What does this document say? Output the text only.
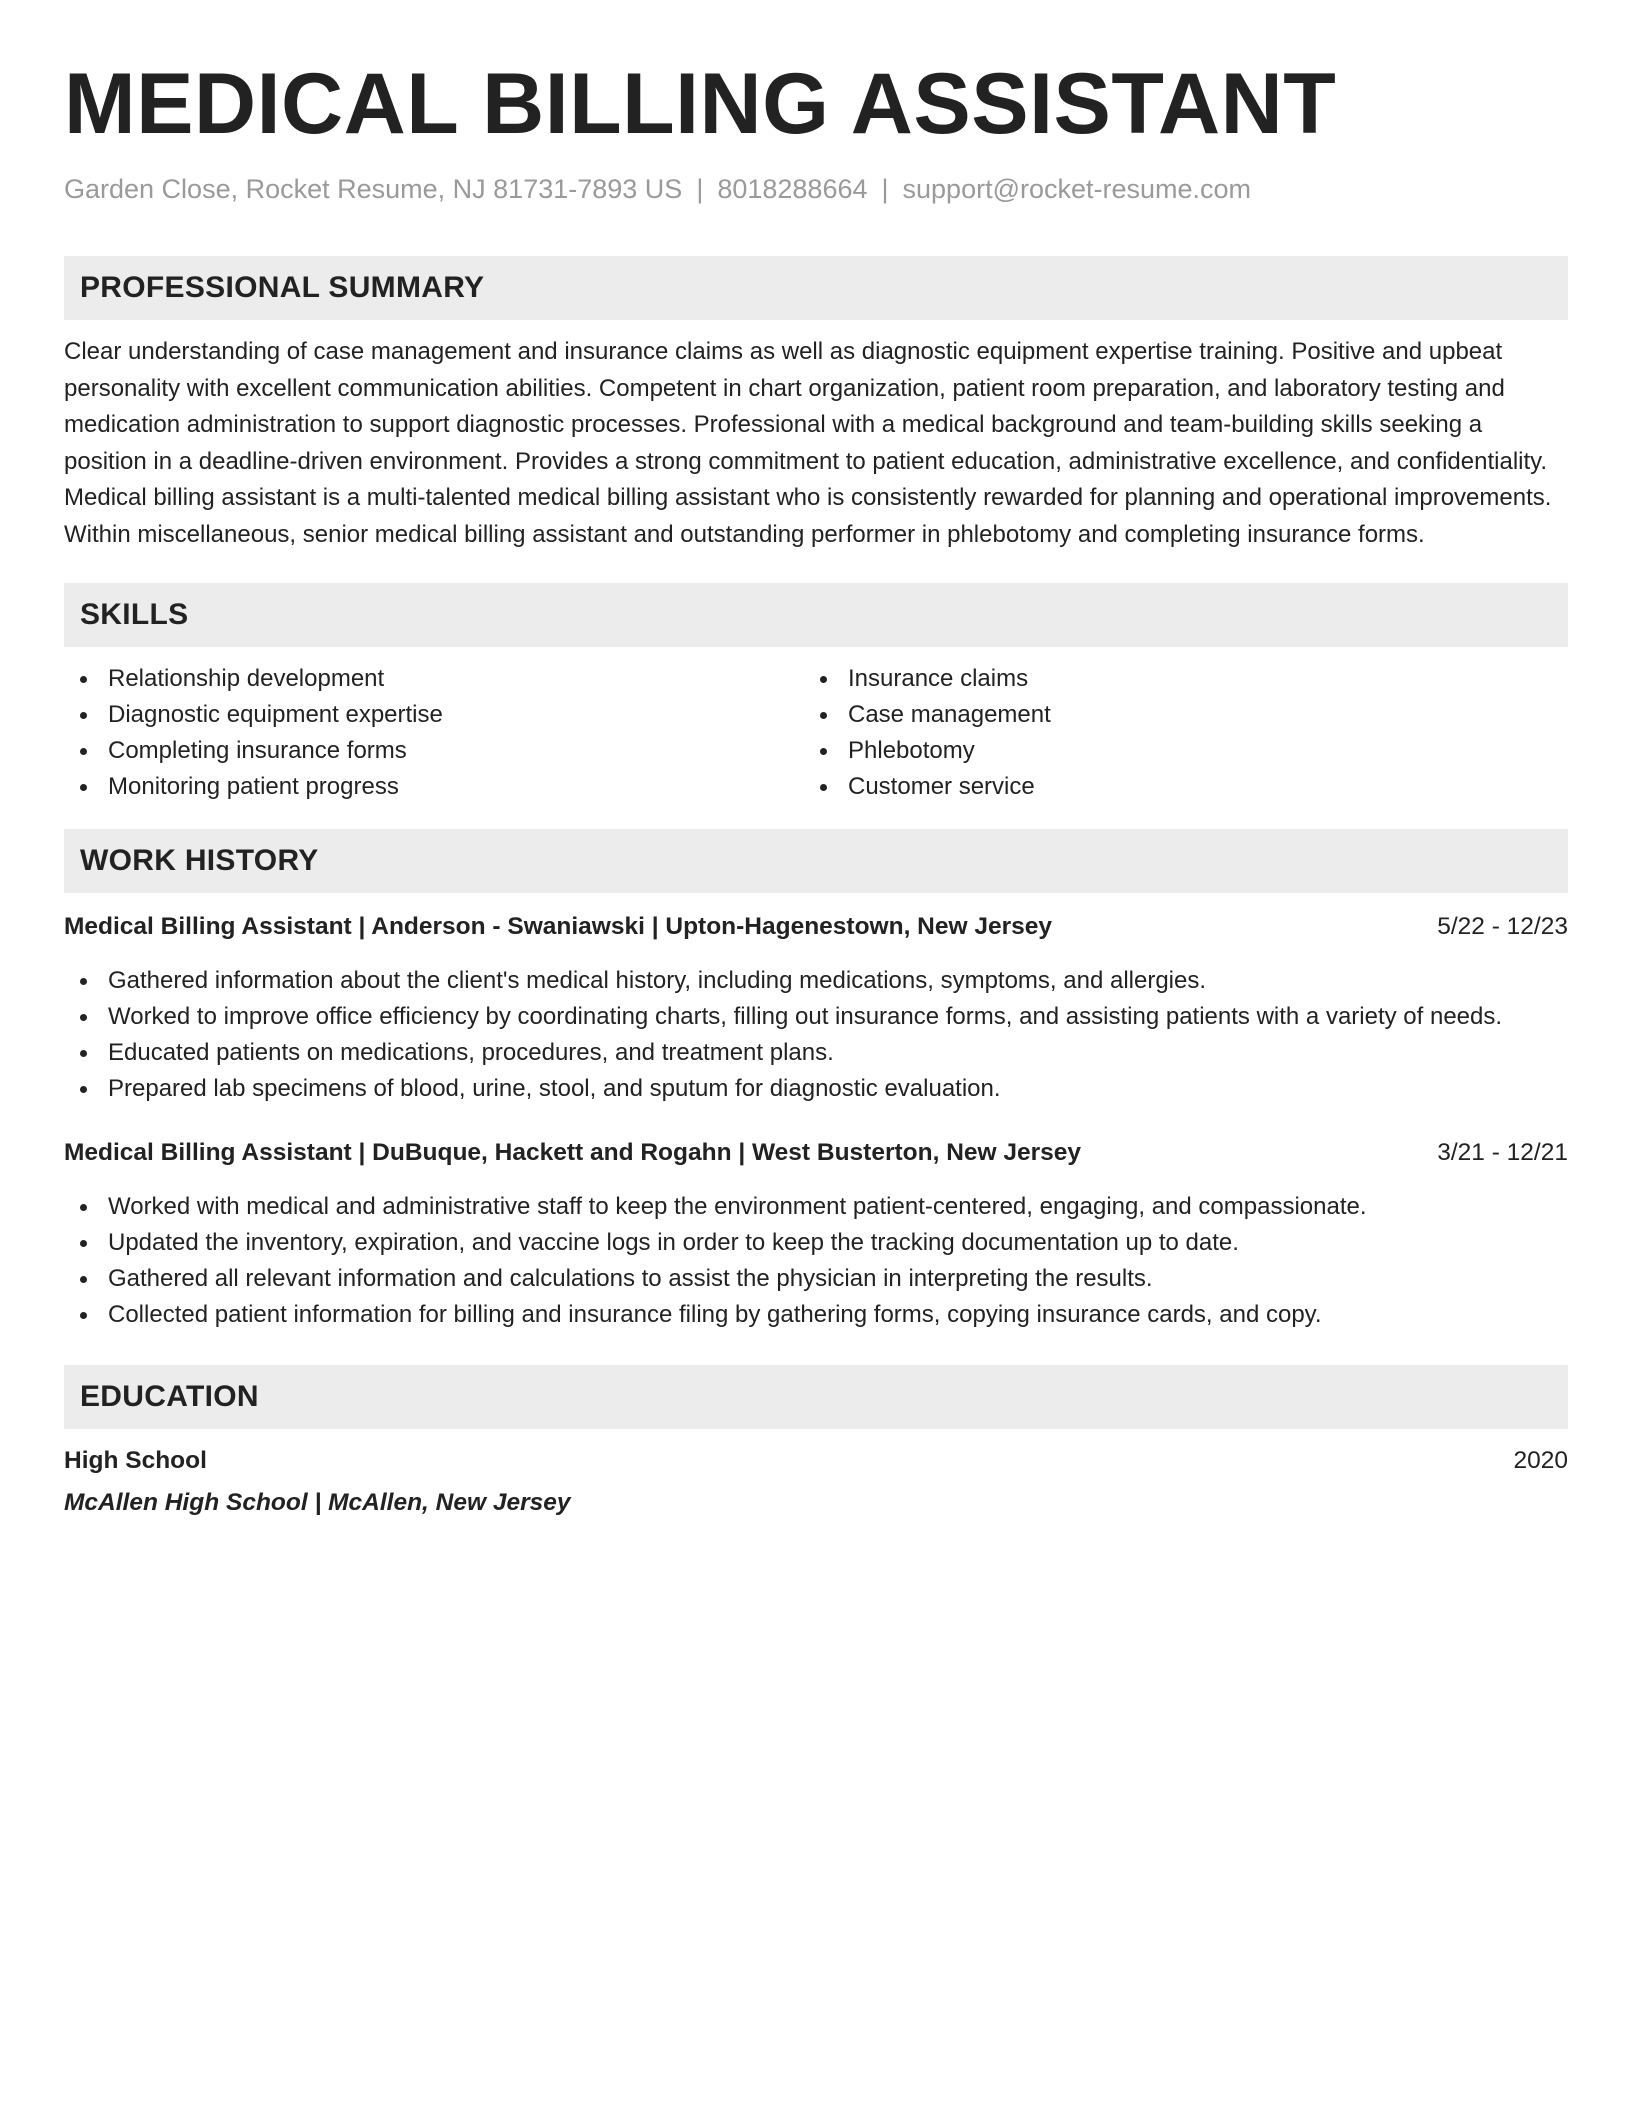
MEDICAL BILLING ASSISTANT
Garden Close, Rocket Resume, NJ 81731-7893 US | 8018288664 | support@rocket-resume.com
PROFESSIONAL SUMMARY
Clear understanding of case management and insurance claims as well as diagnostic equipment expertise training. Positive and upbeat personality with excellent communication abilities. Competent in chart organization, patient room preparation, and laboratory testing and medication administration to support diagnostic processes. Professional with a medical background and team-building skills seeking a position in a deadline-driven environment. Provides a strong commitment to patient education, administrative excellence, and confidentiality. Medical billing assistant is a multi-talented medical billing assistant who is consistently rewarded for planning and operational improvements. Within miscellaneous, senior medical billing assistant and outstanding performer in phlebotomy and completing insurance forms.
SKILLS
Relationship development
Diagnostic equipment expertise
Completing insurance forms
Monitoring patient progress
Insurance claims
Case management
Phlebotomy
Customer service
WORK HISTORY
Medical Billing Assistant | Anderson - Swaniawski | Upton-Hagenestown, New Jersey	5/22 - 12/23
Gathered information about the client's medical history, including medications, symptoms, and allergies.
Worked to improve office efficiency by coordinating charts, filling out insurance forms, and assisting patients with a variety of needs.
Educated patients on medications, procedures, and treatment plans.
Prepared lab specimens of blood, urine, stool, and sputum for diagnostic evaluation.
Medical Billing Assistant | DuBuque, Hackett and Rogahn | West Busterton, New Jersey	3/21 - 12/21
Worked with medical and administrative staff to keep the environment patient-centered, engaging, and compassionate.
Updated the inventory, expiration, and vaccine logs in order to keep the tracking documentation up to date.
Gathered all relevant information and calculations to assist the physician in interpreting the results.
Collected patient information for billing and insurance filing by gathering forms, copying insurance cards, and copy.
EDUCATION
High School	2020
McAllen High School | McAllen, New Jersey
